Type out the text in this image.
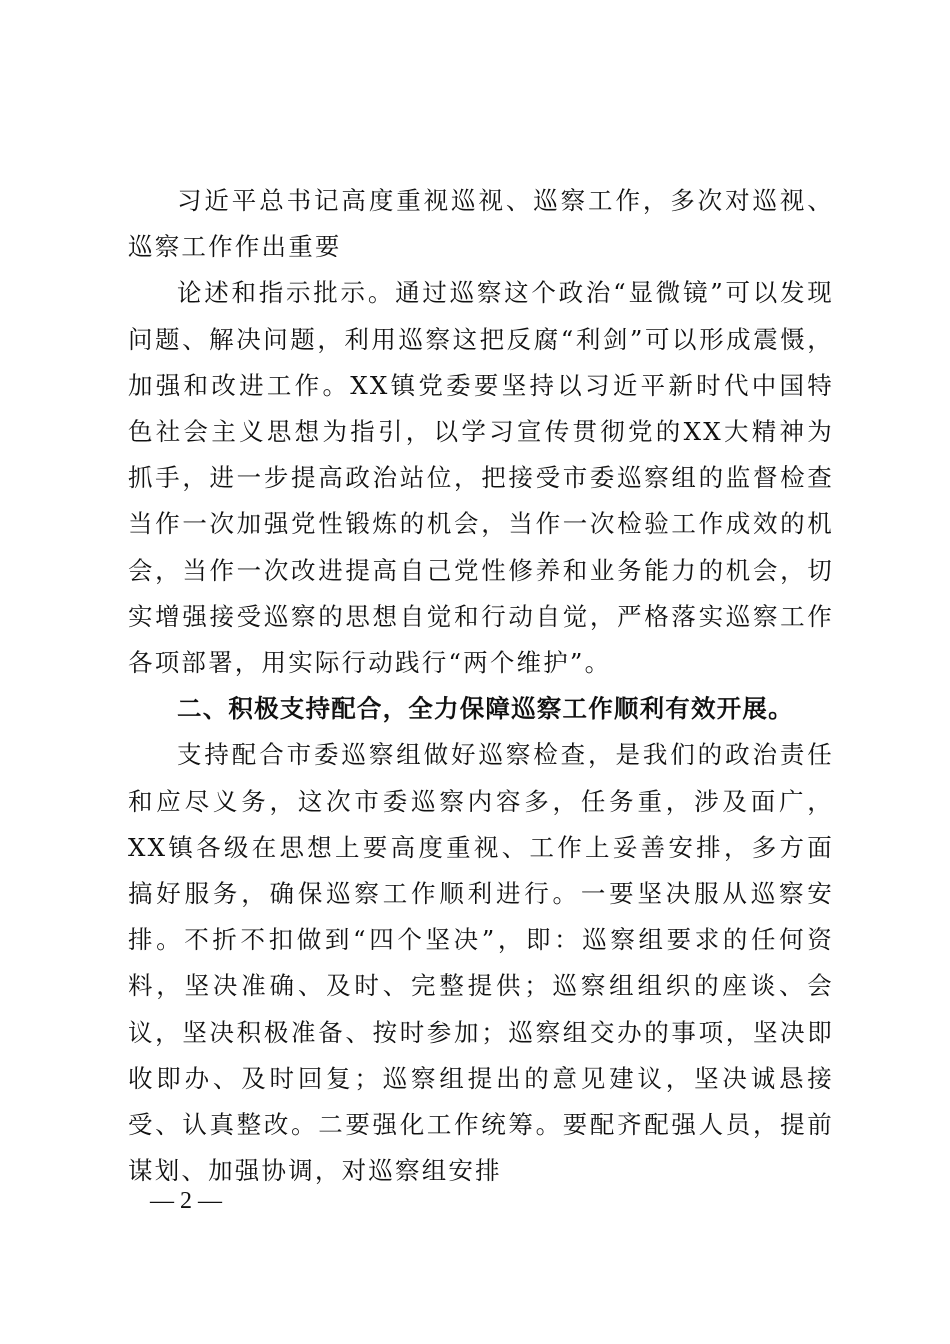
习近平总书记高度重视巡视、巡察工作，多次对巡视、巡察工作作出重要

论述和指示批示。通过巡察这个政治“显微镜”可以发现问题、解决问题，利用巡察这把反腐“利剑”可以形成震慑，加强和改进工作。XX镇党委要坚持以习近平新时代中国特色社会主义思想为指引，以学习宣传贯彻党的XX大精神为抓手，进一步提高政治站位，把接受市委巡察组的监督检查当作一次加强党性锻炼的机会，当作一次检验工作成效的机会，当作一次改进提高自己党性修养和业务能力的机会，切实增强接受巡察的思想自觉和行动自觉，严格落实巡察工作各项部署，用实际行动践行“两个维护”。

二、积极支持配合，全力保障巡察工作顺利有效开展。

支持配合市委巡察组做好巡察检查，是我们的政治责任和应尽义务，这次市委巡察内容多，任务重，涉及面广，XX镇各级在思想上要高度重视、工作上妥善安排，多方面搞好服务，确保巡察工作顺利进行。一要坚决服从巡察安排。不折不扣做到“四个坚决”，即：巡察组要求的任何资料，坚决准确、及时、完整提供；巡察组组织的座谈、会议，坚决积极准备、按时参加；巡察组交办的事项，坚决即收即办、及时回复；巡察组提出的意见建议，坚决诚恳接受、认真整改。二要强化工作统筹。要配齐配强人员，提前谋划、加强协调，对巡察组安排

— 2 —
